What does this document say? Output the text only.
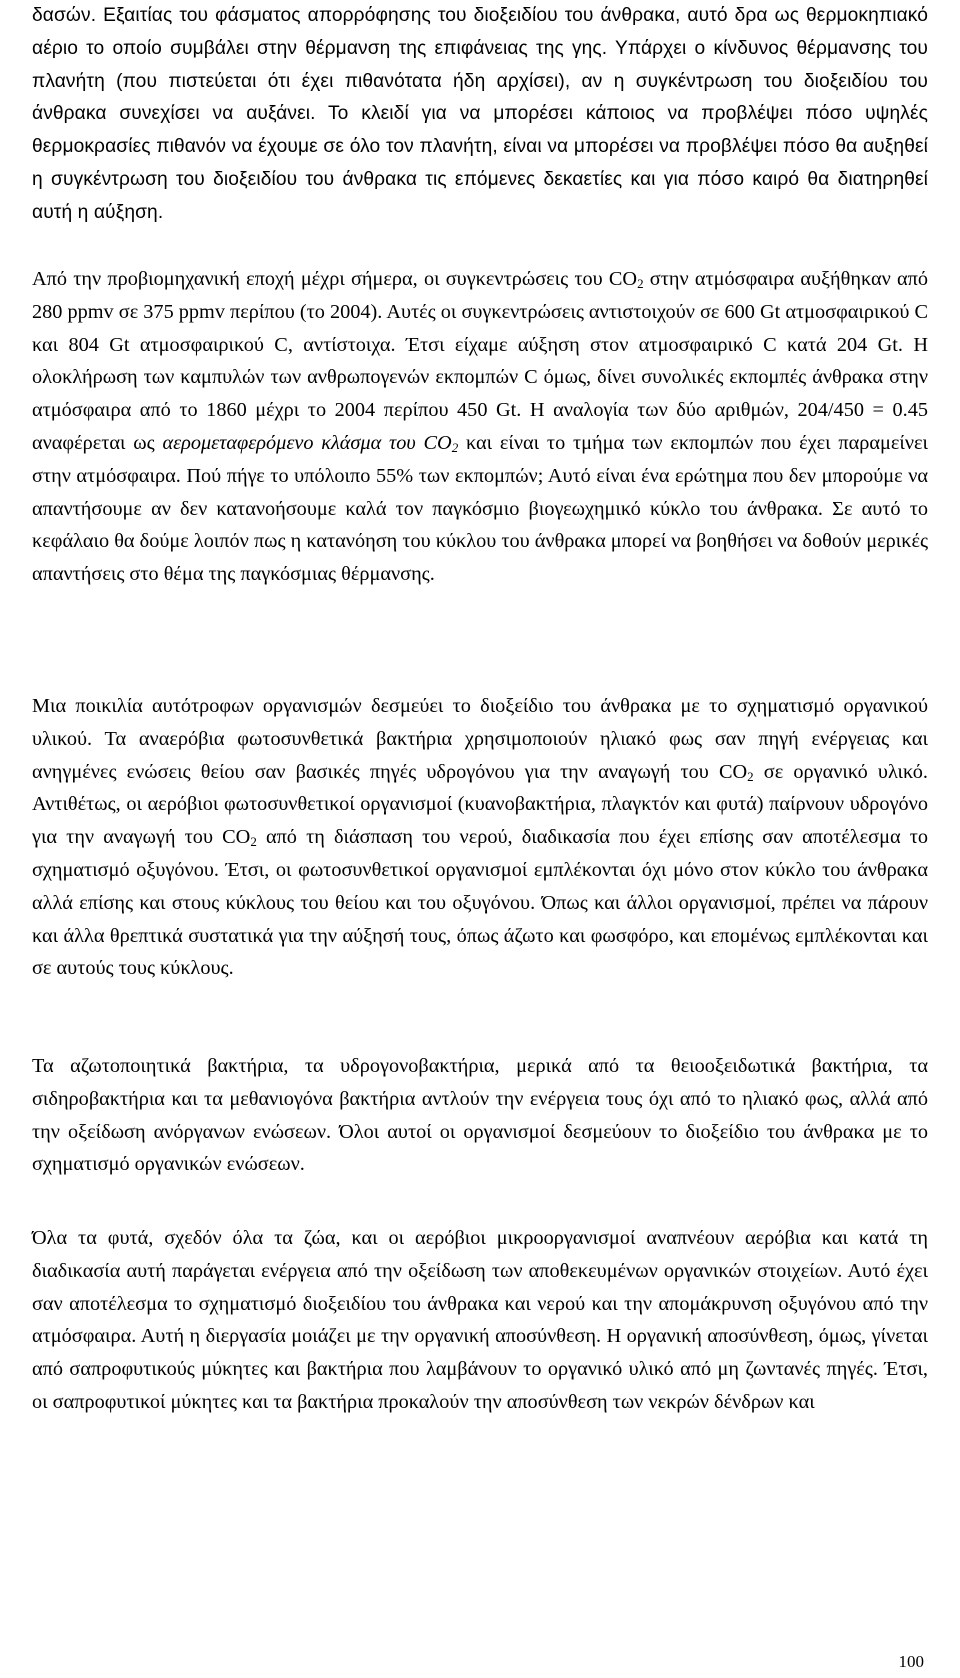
δασών. Εξαιτίας του φάσματος απορρόφησης του διοξειδίου του άνθρακα, αυτό δρα ως θερμοκηπιακό αέριο το οποίο συμβάλει στην θέρμανση της επιφάνειας της γης. Υπάρχει ο κίνδυνος θέρμανσης του πλανήτη (που πιστεύεται ότι έχει πιθανότατα ήδη αρχίσει), αν η συγκέντρωση του διοξειδίου του άνθρακα συνεχίσει να αυξάνει. Το κλειδί για να μπορέσει κάποιος να προβλέψει πόσο υψηλές θερμοκρασίες πιθανόν να έχουμε σε όλο τον πλανήτη, είναι να μπορέσει να προβλέψει πόσο θα αυξηθεί η συγκέντρωση του διοξειδίου του άνθρακα τις επόμενες δεκαετίες και για πόσο καιρό θα διατηρηθεί αυτή η αύξηση.

Από την προβιομηχανική εποχή μέχρι σήμερα, οι συγκεντρώσεις του $CO_2$ στην ατμόσφαιρα αυξήθηκαν από 280 ppmv σε 375 ppmv περίπου (το 2004). Αυτές οι συγκεντρώσεις αντιστοιχούν σε 600 Gt ατμοσφαιρικού C και 804 Gt ατμοσφαιρικού C, αντίστοιχα. Έτσι είχαμε αύξηση στον ατμοσφαιρικό C κατά 204 Gt. Η ολοκλήρωση των καμπυλών των ανθρωπογενών εκπομπών C όμως, δίνει συνολικές εκπομπές άνθρακα στην ατμόσφαιρα από το 1860 μέχρι το 2004 περίπου 450 Gt. Η αναλογία των δύο αριθμών, 204/450 = 0.45 αναφέρεται ως αερομεταφερόμενο κλάσμα του $CO_2$ και είναι το τμήμα των εκπομπών που έχει παραμείνει στην ατμόσφαιρα. Πού πήγε το υπόλοιπο 55% των εκπομπών; Αυτό είναι ένα ερώτημα που δεν μπορούμε να απαντήσουμε αν δεν κατανοήσουμε καλά τον παγκόσμιο βιογεωχημικό κύκλο του άνθρακα. Σε αυτό το κεφάλαιο θα δούμε λοιπόν πως η κατανόηση του κύκλου του άνθρακα μπορεί να βοηθήσει να δοθούν μερικές απαντήσεις στο θέμα της παγκόσμιας θέρμανσης.

Μια ποικιλία αυτότροφων οργανισμών δεσμεύει το διοξείδιο του άνθρακα με το σχηματισμό οργανικού υλικού. Τα αναερόβια φωτοσυνθετικά βακτήρια χρησιμοποιούν ηλιακό φως σαν πηγή ενέργειας και ανηγμένες ενώσεις θείου σαν βασικές πηγές υδρογόνου για την αναγωγή του $CO_2$ σε οργανικό υλικό. Αντιθέτως, οι αερόβιοι φωτοσυνθετικοί οργανισμοί (κυανοβακτήρια, πλαγκτόν και φυτά) παίρνουν υδρογόνο για την αναγωγή του $CO_2$ από τη διάσπαση του νερού, διαδικασία που έχει επίσης σαν αποτέλεσμα το σχηματισμό οξυγόνου. Έτσι, οι φωτοσυνθετικοί οργανισμοί εμπλέκονται όχι μόνο στον κύκλο του άνθρακα αλλά επίσης και στους κύκλους του θείου και του οξυγόνου. Όπως και άλλοι οργανισμοί, πρέπει να πάρουν και άλλα θρεπτικά συστατικά για την αύξησή τους, όπως άζωτο και φωσφόρο, και επομένως εμπλέκονται και σε αυτούς τους κύκλους.

Τα αζωτοποιητικά βακτήρια, τα υδρογονοβακτήρια, μερικά από τα θειοοξειδωτικά βακτήρια, τα σιδηροβακτήρια και τα μεθανιογόνα βακτήρια αντλούν την ενέργεια τους όχι από το ηλιακό φως, αλλά από την οξείδωση ανόργανων ενώσεων. Όλοι αυτοί οι οργανισμοί δεσμεύουν το διοξείδιο του άνθρακα με το σχηματισμό οργανικών ενώσεων.

Όλα τα φυτά, σχεδόν όλα τα ζώα, και οι αερόβιοι μικροοργανισμοί αναπνέουν αερόβια και κατά τη διαδικασία αυτή παράγεται ενέργεια από την οξείδωση των αποθεκευμένων οργανικών στοιχείων. Αυτό έχει σαν αποτέλεσμα το σχηματισμό διοξειδίου του άνθρακα και νερού και την απομάκρυνση οξυγόνου από την ατμόσφαιρα. Αυτή η διεργασία μοιάζει με την οργανική αποσύνθεση. Η οργανική αποσύνθεση, όμως, γίνεται από σαπροφυτικούς μύκητες και βακτήρια που λαμβάνουν το οργανικό υλικό από μη ζωντανές πηγές. Έτσι, οι σαπροφυτικοί μύκητες και τα βακτήρια προκαλούν την αποσύνθεση των νεκρών δένδρων και

100
